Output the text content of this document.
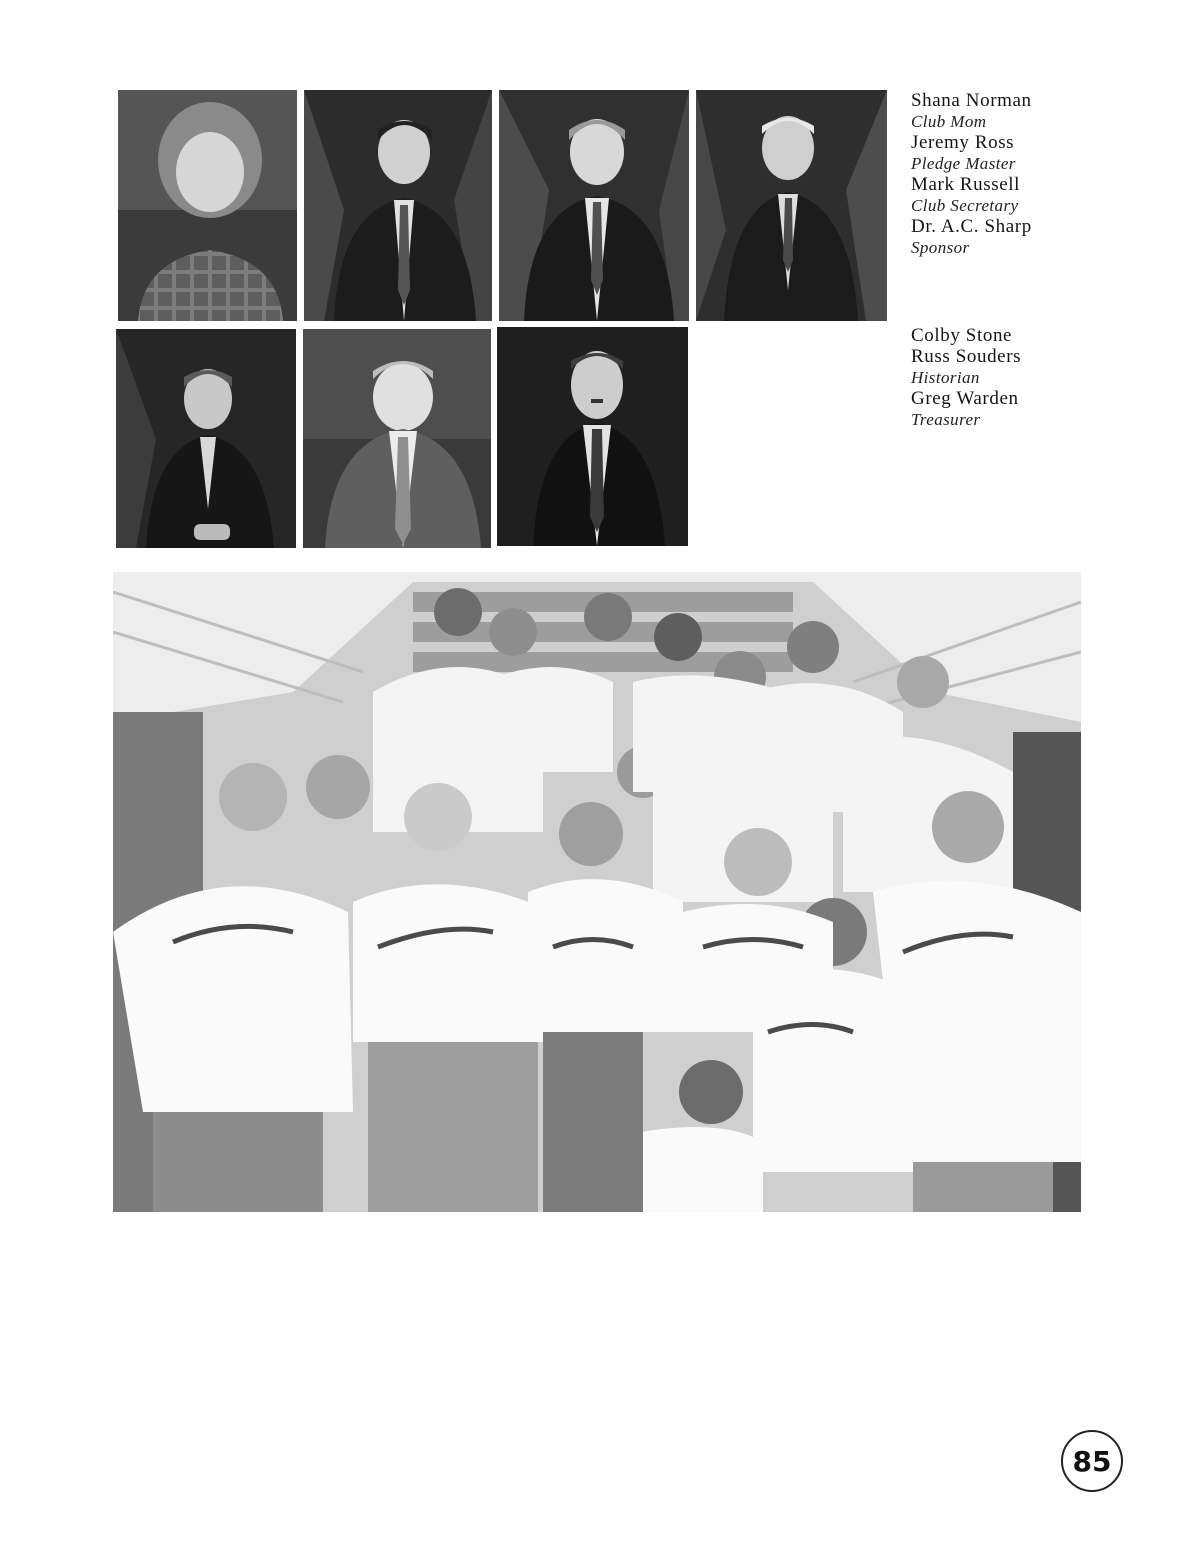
Shana Norman
Club Mom
Jeremy Ross
Pledge Master
Mark Russell
Club Secretary
Dr. A.C. Sharp
Sponsor
Colby Stone
Russ Souders
Historian
Greg Warden
Treasurer
85
